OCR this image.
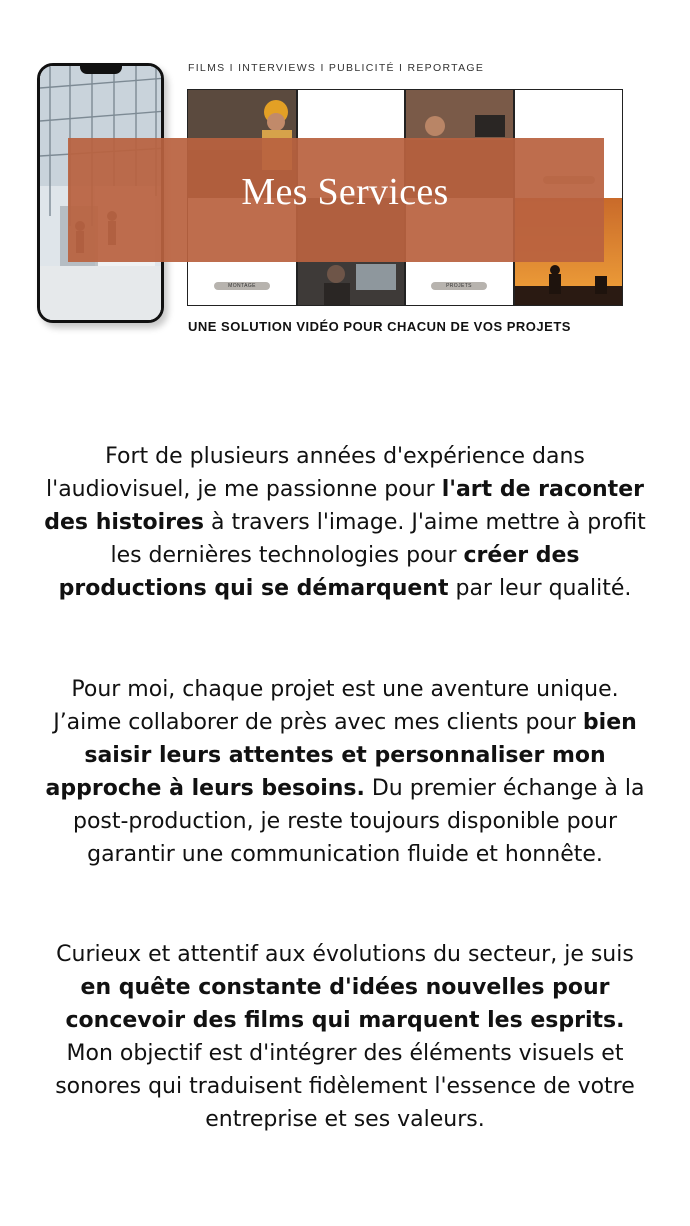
FILMS I INTERVIEWS I PUBLICITÉ I REPORTAGE
MONTAGE	PROJETS
Mes Services
UNE SOLUTION VIDÉO POUR CHACUN DE VOS PROJETS
Fort de plusieurs années d'expérience dans l'audiovisuel, je me passionne pour l'art de raconter des histoires à travers l'image. J'aime mettre à profit les dernières technologies pour créer des productions qui se démarquent par leur qualité.
Pour moi, chaque projet est une aventure unique. J’aime collaborer de près avec mes clients pour bien saisir leurs attentes et personnaliser mon approche à leurs besoins. Du premier échange à la post-production, je reste toujours disponible pour garantir une communication fluide et honnête.
Curieux et attentif aux évolutions du secteur, je suis en quête constante d'idées nouvelles pour concevoir des films qui marquent les esprits. Mon objectif est d'intégrer des éléments visuels et sonores qui traduisent fidèlement l'essence de votre entreprise et ses valeurs.
